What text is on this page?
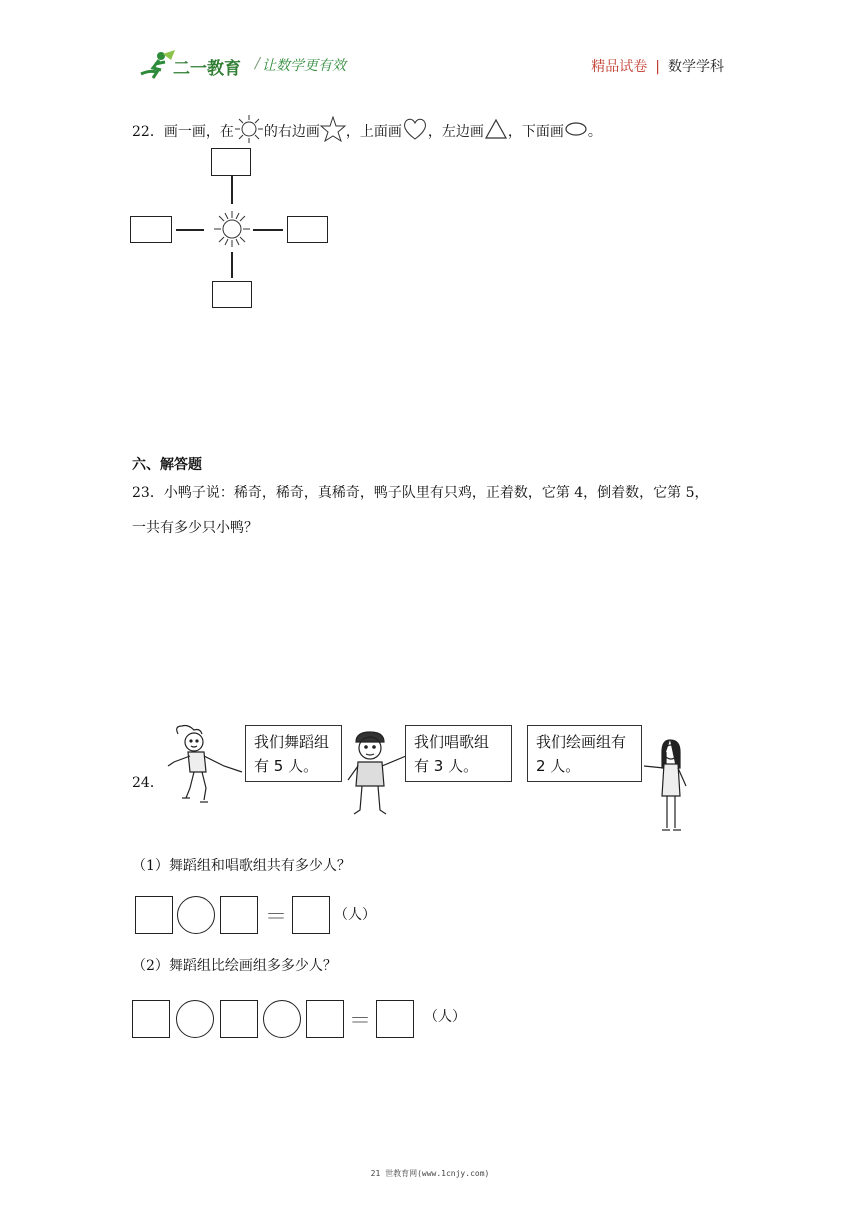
二一教育 / 让数学更有效	精品试卷 | 数学学科
22．画一画，在 的右边画 ，上面画 ，左边画 ，下面画 。
六、解答题
23．小鸭子说：稀奇，稀奇，真稀奇，鸭子队里有只鸡，正着数，它第 4，倒着数，它第 5，
一共有多少只小鸭？
24．
我们舞蹈组
有 5 人。
我们唱歌组
有 3 人。
我们绘画组有
2 人。
（1）舞蹈组和唱歌组共有多少人？
＝	（人）
（2）舞蹈组比绘画组多多少人？
＝	（人）
21 世教育网(www.1cnjy.com)
